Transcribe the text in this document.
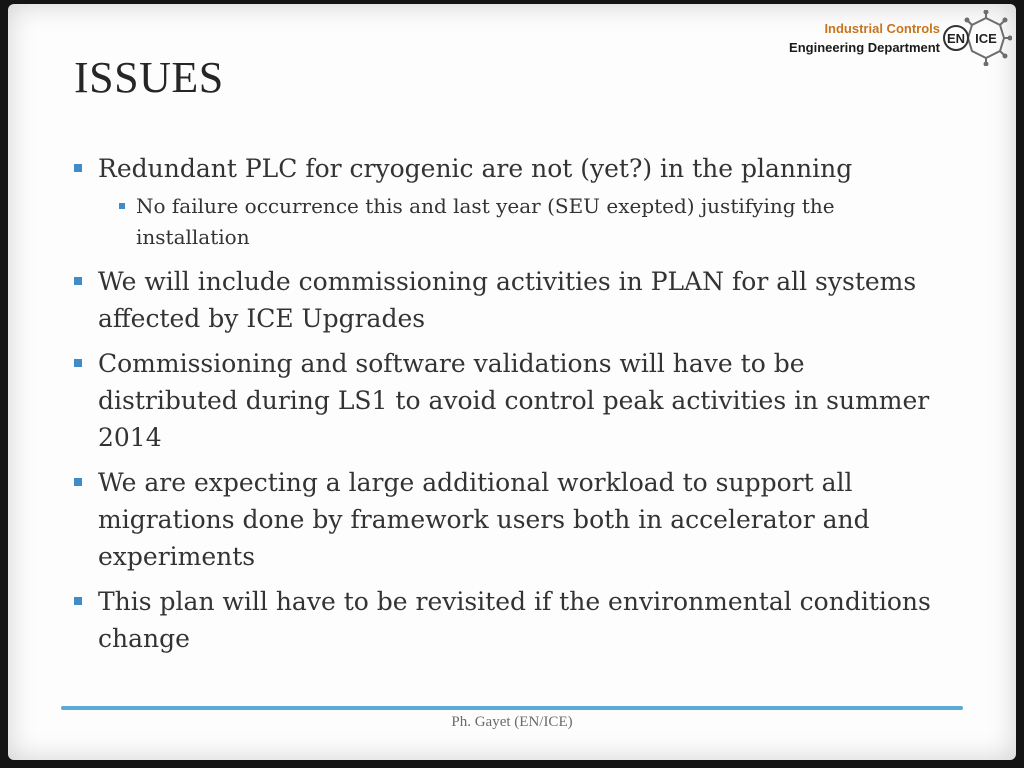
ISSUES
Industrial Controls
Engineering Department
EN ICE
Redundant PLC for cryogenic are not (yet?) in the planning
No failure occurrence this and last year (SEU exepted) justifying the installation
We will include commissioning activities in PLAN for all systems affected by ICE Upgrades
Commissioning and software validations will have to be distributed during LS1 to avoid control peak activities in summer 2014
We are expecting a large additional workload to support all migrations done by framework users both in accelerator and experiments
This plan will have to be revisited if the environmental conditions change
Ph. Gayet (EN/ICE)
